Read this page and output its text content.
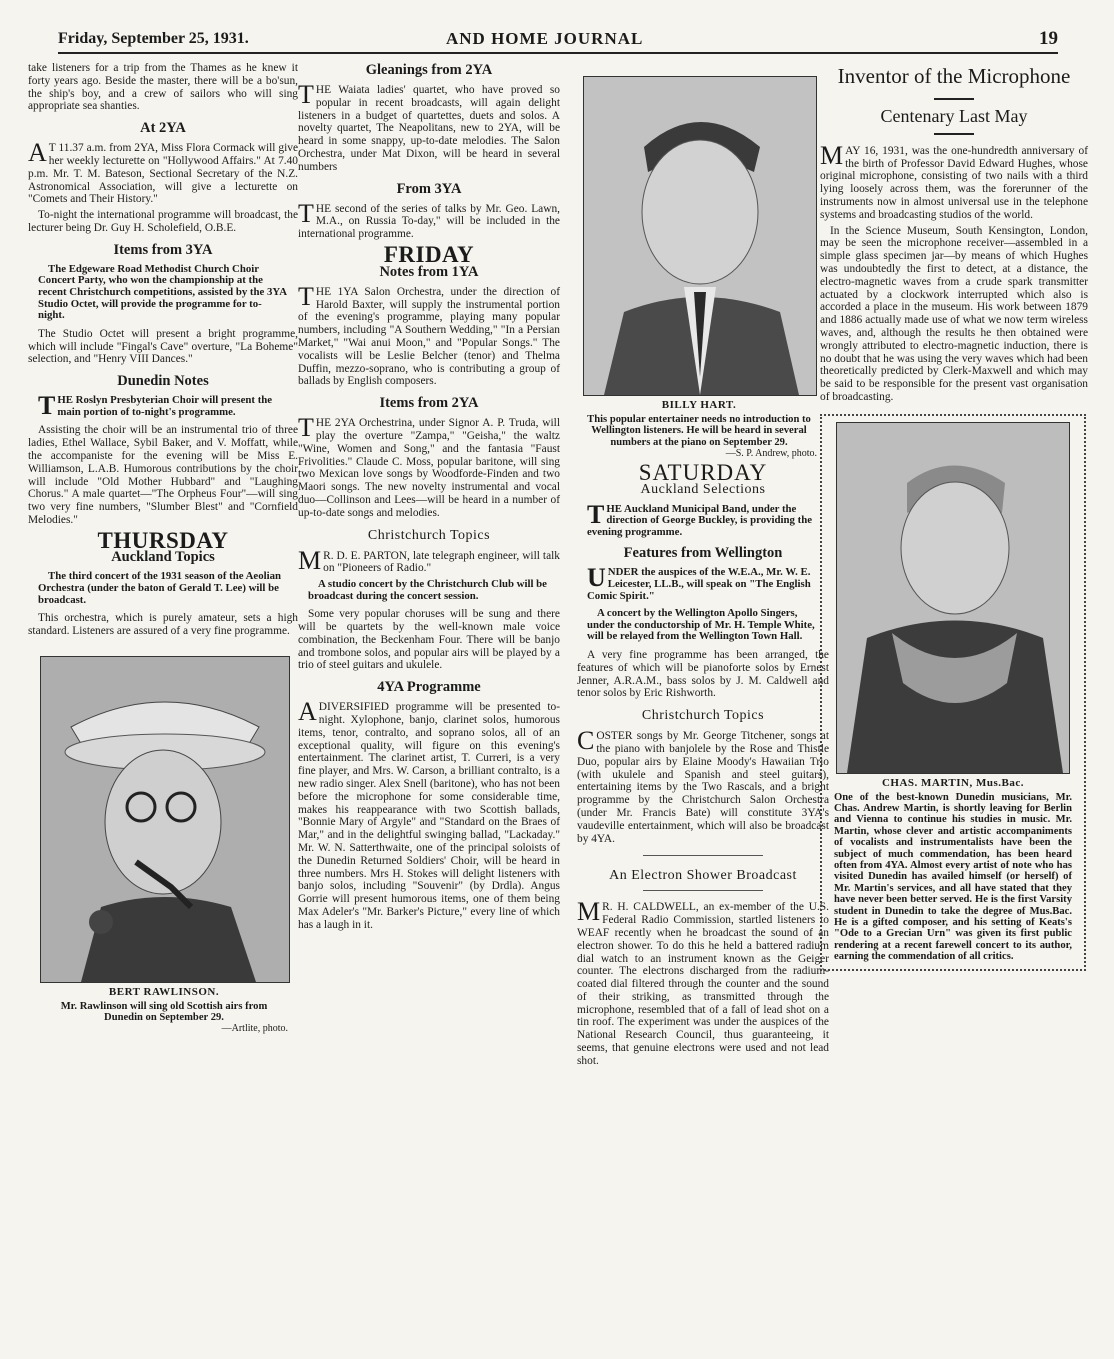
Friday, September 25, 1931.	AND HOME JOURNAL	19

take listeners for a trip from the Thames as he knew it forty years ago. Beside the master, there will be a bo'sun, the ship's boy, and a crew of sailors who will sing appropriate sea shanties.

At 2YA

AT 11.37 a.m. from 2YA, Miss Flora Cormack will give her weekly lecturette on "Hollywood Affairs." At 7.40 p.m. Mr. T. M. Bateson, Sectional Secretary of the N.Z. Astronomical Association, will give a lecturette on "Comets and Their History."

To-night the international programme will broadcast, the lecturer being Dr. Guy H. Scholefield, O.B.E.

Items from 3YA

The Edgeware Road Methodist Church Choir Concert Party, who won the championship at the recent Christchurch competitions, assisted by the 3YA Studio Octet, will provide the programme for to-night.

The Studio Octet will present a bright programme, which will include "Fingal's Cave" overture, "La Boheme" selection, and "Henry VIII Dances."

Dunedin Notes

THE Roslyn Presbyterian Choir will present the main portion of to-night's programme.

Assisting the choir will be an instrumental trio of three ladies, Ethel Wallace, Sybil Baker, and V. Moffatt, while the accompaniste for the evening will be Miss E. Williamson, L.A.B. Humorous contributions by the choir will include "Old Mother Hubbard" and "Laughing Chorus." A male quartet—"The Orpheus Four"—will sing two very fine numbers, "Slumber Blest" and "Cornfield Melodies."

THURSDAY
Auckland Topics

The third concert of the 1931 season of the Aeolian Orchestra (under the baton of Gerald T. Lee) will be broadcast.

This orchestra, which is purely amateur, sets a high standard. Listeners are assured of a very fine programme.

BERT RAWLINSON.
Mr. Rawlinson will sing old Scottish airs from Dunedin on September 29.
—Artlite, photo.
Gleanings from 2YA

THE Waiata ladies' quartet, who have proved so popular in recent broadcasts, will again delight listeners in a budget of quartettes, duets and solos. A novelty quartet, The Neapolitans, new to 2YA, will be heard in some snappy, up-to-date melodies. The Salon Orchestra, under Mat Dixon, will be heard in several numbers

From 3YA

THE second of the series of talks by Mr. Geo. Lawn, M.A., on Russia To-day," will be included in the international programme.

FRIDAY
Notes from 1YA

THE 1YA Salon Orchestra, under the direction of Harold Baxter, will supply the instrumental portion of the evening's programme, playing many popular numbers, including "A Southern Wedding," "In a Persian Market," "Wai anui Moon," and "Popular Songs." The vocalists will be Leslie Belcher (tenor) and Thelma Duffin, mezzo-soprano, who is contributing a group of ballads by English composers.

Items from 2YA

THE 2YA Orchestrina, under Signor A. P. Truda, will play the overture "Zampa," "Geisha," the waltz "Wine, Women and Song," and the fantasia "Faust Frivolities." Claude C. Moss, popular baritone, will sing two Mexican love songs by Woodforde-Finden and two Maori songs. The new novelty instrumental and vocal duo—Collinson and Lees—will be heard in a number of up-to-date songs and melodies.

Christchurch Topics

MR. D. E. PARTON, late telegraph engineer, will talk on "Pioneers of Radio."

A studio concert by the Christchurch Club will be broadcast during the concert session.

Some very popular choruses will be sung and there will be quartets by the well-known male voice combination, the Beckenham Four. There will be banjo and trombone solos, and popular airs will be played by a trio of steel guitars and ukulele.

4YA Programme

ADIVERSIFIED programme will be presented to-night. Xylophone, banjo, clarinet solos, humorous items, tenor, contralto, and soprano solos, all of an exceptional quality, will figure on this evening's entertainment. The clarinet artist, T. Curreri, is a very fine player, and Mrs. W. Carson, a brilliant contralto, is a new radio singer. Alex Snell (baritone), who has not been before the microphone for some considerable time, makes his reappearance with two Scottish ballads, "Bonnie Mary of Argyle" and "Standard on the Braes of Mar," and in the delightful swinging ballad, "Lackaday." Mr. W. N. Satterthwaite, one of the principal soloists of the Dunedin Returned Soldiers' Choir, will be heard in three numbers. Mrs H. Stokes will delight listeners with banjo solos, including "Souvenir" (by Drdla). Angus Gorrie will present humorous items, one of them being Max Adeler's "Mr. Barker's Picture," every line of which has a laugh in it.

BILLY HART.
This popular entertainer needs no introduction to Wellington listeners. He will be heard in several numbers at the piano on September 29.
—S. P. Andrew, photo.
SATURDAY
Auckland Selections

THE Auckland Municipal Band, under the direction of George Buckley, is providing the evening programme.

Features from Wellington

UNDER the auspices of the W.E.A., Mr. W. E. Leicester, LL.B., will speak on "The English Comic Spirit."

A concert by the Wellington Apollo Singers, under the conductorship of Mr. H. Temple White, will be relayed from the Wellington Town Hall.

A very fine programme has been arranged, the features of which will be pianoforte solos by Ernest Jenner, A.R.A.M., bass solos by J. M. Caldwell and tenor solos by Eric Rishworth.

Christchurch Topics

COSTER songs by Mr. George Titchener, songs at the piano with banjolele by the Rose and Thistle Duo, popular airs by Elaine Moody's Hawaiian Trio (with ukulele and Spanish and steel guitars), entertaining items by the Two Rascals, and a bright programme by the Christchurch Salon Orchestra (under Mr. Francis Bate) will constitute 3YA's vaudeville entertainment, which will also be broadcast by 4YA.

An Electron Shower Broadcast

MR. H. CALDWELL, an ex-member of the U.S. Federal Radio Commission, startled listeners to WEAF recently when he broadcast the sound of an electron shower. To do this he held a battered radium dial watch to an instrument known as the Geiger counter. The electrons discharged from the radium-coated dial filtered through the counter and the sound of their striking, as transmitted through the microphone, resembled that of a fall of lead shot on a tin roof. The experiment was under the auspices of the National Research Council, thus guaranteeing, it seems, that genuine electrons were used and not lead shot.

Inventor of the Microphone
Centenary Last May

MAY 16, 1931, was the one-hundredth anniversary of the birth of Professor David Edward Hughes, whose original microphone, consisting of two nails with a third lying loosely across them, was the forerunner of the instruments now in almost universal use in the telephone systems and broadcasting studios of the world.

In the Science Museum, South Kensington, London, may be seen the microphone receiver—assembled in a simple glass specimen jar—by means of which Hughes was undoubtedly the first to detect, at a distance, the electro-magnetic waves from a crude spark transmitter actuated by a clockwork interrupted which also is accorded a place in the museum. His work between 1879 and 1886 actually made use of what we now term wireless waves, and, although the results he then obtained were wrongly attributed to electro-magnetic induction, there is no doubt that he was using the very waves which had been theoretically predicted by Clerk-Maxwell and which may be said to be responsible for the present vast organisation of broadcasting.

CHAS. MARTIN, Mus.Bac.
One of the best-known Dunedin musicians, Mr. Chas. Andrew Martin, is shortly leaving for Berlin and Vienna to continue his studies in music. Mr. Martin, whose clever and artistic accompaniments of vocalists and instrumentalists have been the subject of much commendation, has been heard often from 4YA. Almost every artist of note who has visited Dunedin has availed himself (or herself) of Mr. Martin's services, and all have stated that they have never been better served. He is the first Varsity student in Dunedin to take the degree of Mus.Bac. He is a gifted composer, and his setting of Keats's "Ode to a Grecian Urn" was given its first public rendering at a recent farewell concert to its author, earning the commendation of all critics.
